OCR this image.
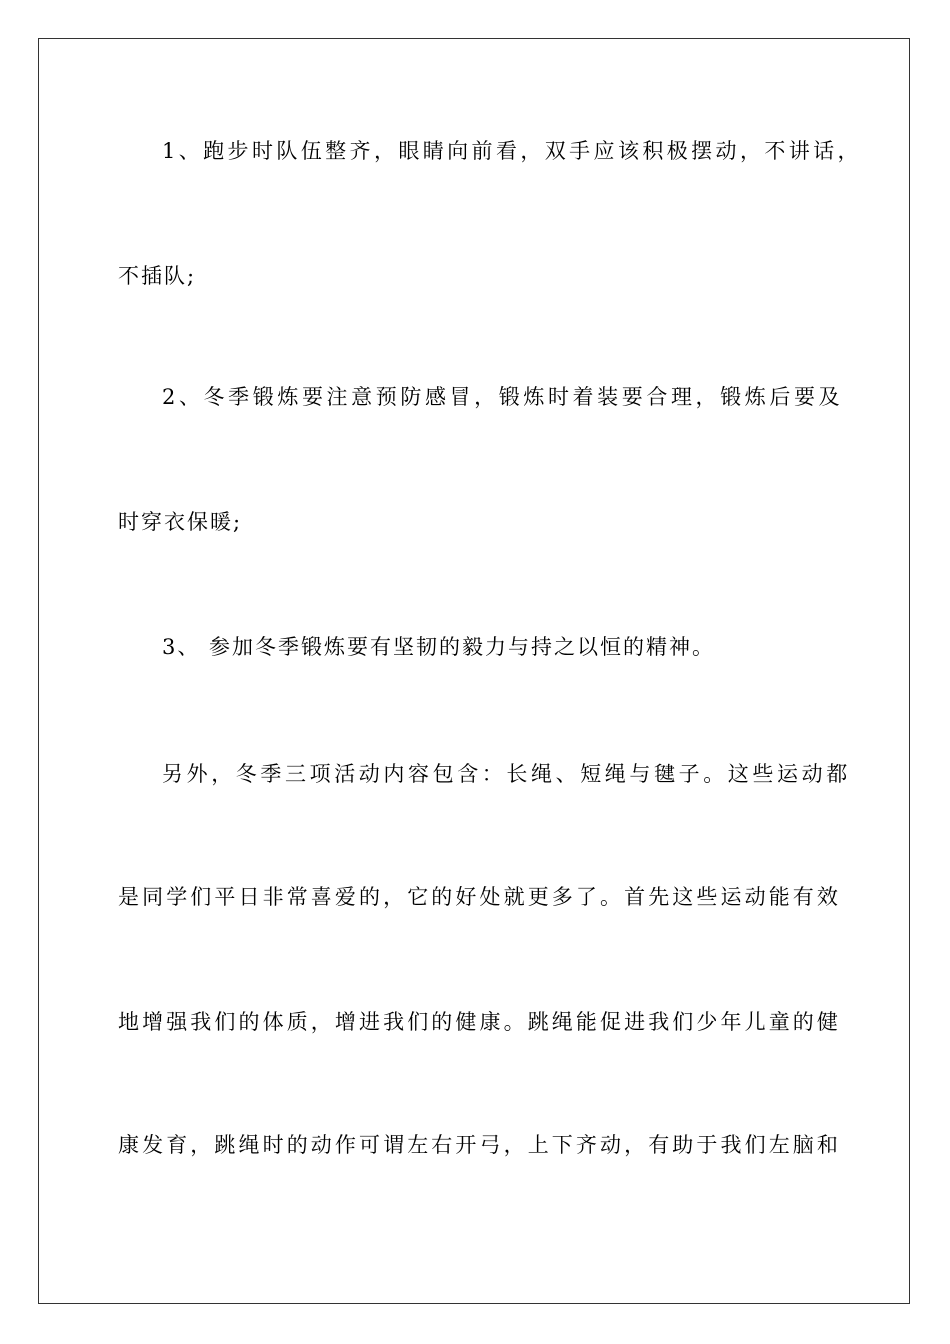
1、跑步时队伍整齐，眼睛向前看，双手应该积极摆动，不讲话，
不插队;
2、冬季锻炼要注意预防感冒，锻炼时着装要合理，锻炼后要及
时穿衣保暖;
3、 参加冬季锻炼要有坚韧的毅力与持之以恒的精神。
另外，冬季三项活动内容包含：长绳、短绳与毽子。这些运动都
是同学们平日非常喜爱的，它的好处就更多了。首先这些运动能有效
地增强我们的体质，增进我们的健康。跳绳能促进我们少年儿童的健
康发育，跳绳时的动作可谓左右开弓，上下齐动，有助于我们左脑和
